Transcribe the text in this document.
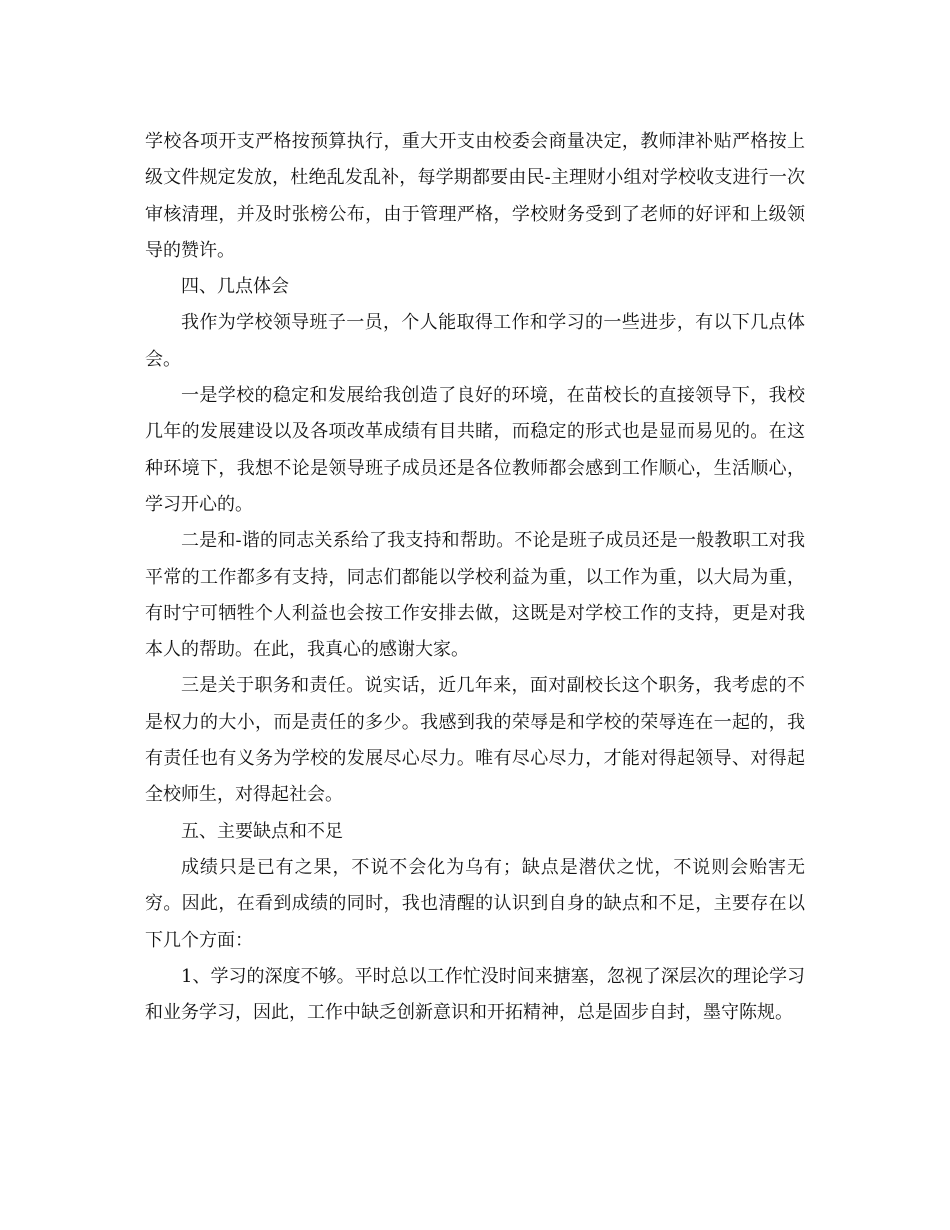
学校各项开支严格按预算执行，重大开支由校委会商量决定，教师津补贴严格按上级文件规定发放，杜绝乱发乱补，每学期都要由民-主理财小组对学校收支进行一次审核清理，并及时张榜公布，由于管理严格，学校财务受到了老师的好评和上级领导的赞许。

四、几点体会

我作为学校领导班子一员，个人能取得工作和学习的一些进步，有以下几点体会。

一是学校的稳定和发展给我创造了良好的环境，在苗校长的直接领导下，我校几年的发展建设以及各项改革成绩有目共睹，而稳定的形式也是显而易见的。在这种环境下，我想不论是领导班子成员还是各位教师都会感到工作顺心，生活顺心，学习开心的。

二是和-谐的同志关系给了我支持和帮助。不论是班子成员还是一般教职工对我平常的工作都多有支持，同志们都能以学校利益为重，以工作为重，以大局为重，有时宁可牺牲个人利益也会按工作安排去做，这既是对学校工作的支持，更是对我本人的帮助。在此，我真心的感谢大家。

三是关于职务和责任。说实话，近几年来，面对副校长这个职务，我考虑的不是权力的大小，而是责任的多少。我感到我的荣辱是和学校的荣辱连在一起的，我有责任也有义务为学校的发展尽心尽力。唯有尽心尽力，才能对得起领导、对得起全校师生，对得起社会。

五、主要缺点和不足

成绩只是已有之果，不说不会化为乌有；缺点是潜伏之忧，不说则会贻害无穷。因此，在看到成绩的同时，我也清醒的认识到自身的缺点和不足，主要存在以下几个方面：

1、学习的深度不够。平时总以工作忙没时间来搪塞，忽视了深层次的理论学习和业务学习，因此，工作中缺乏创新意识和开拓精神，总是固步自封，墨守陈规。
